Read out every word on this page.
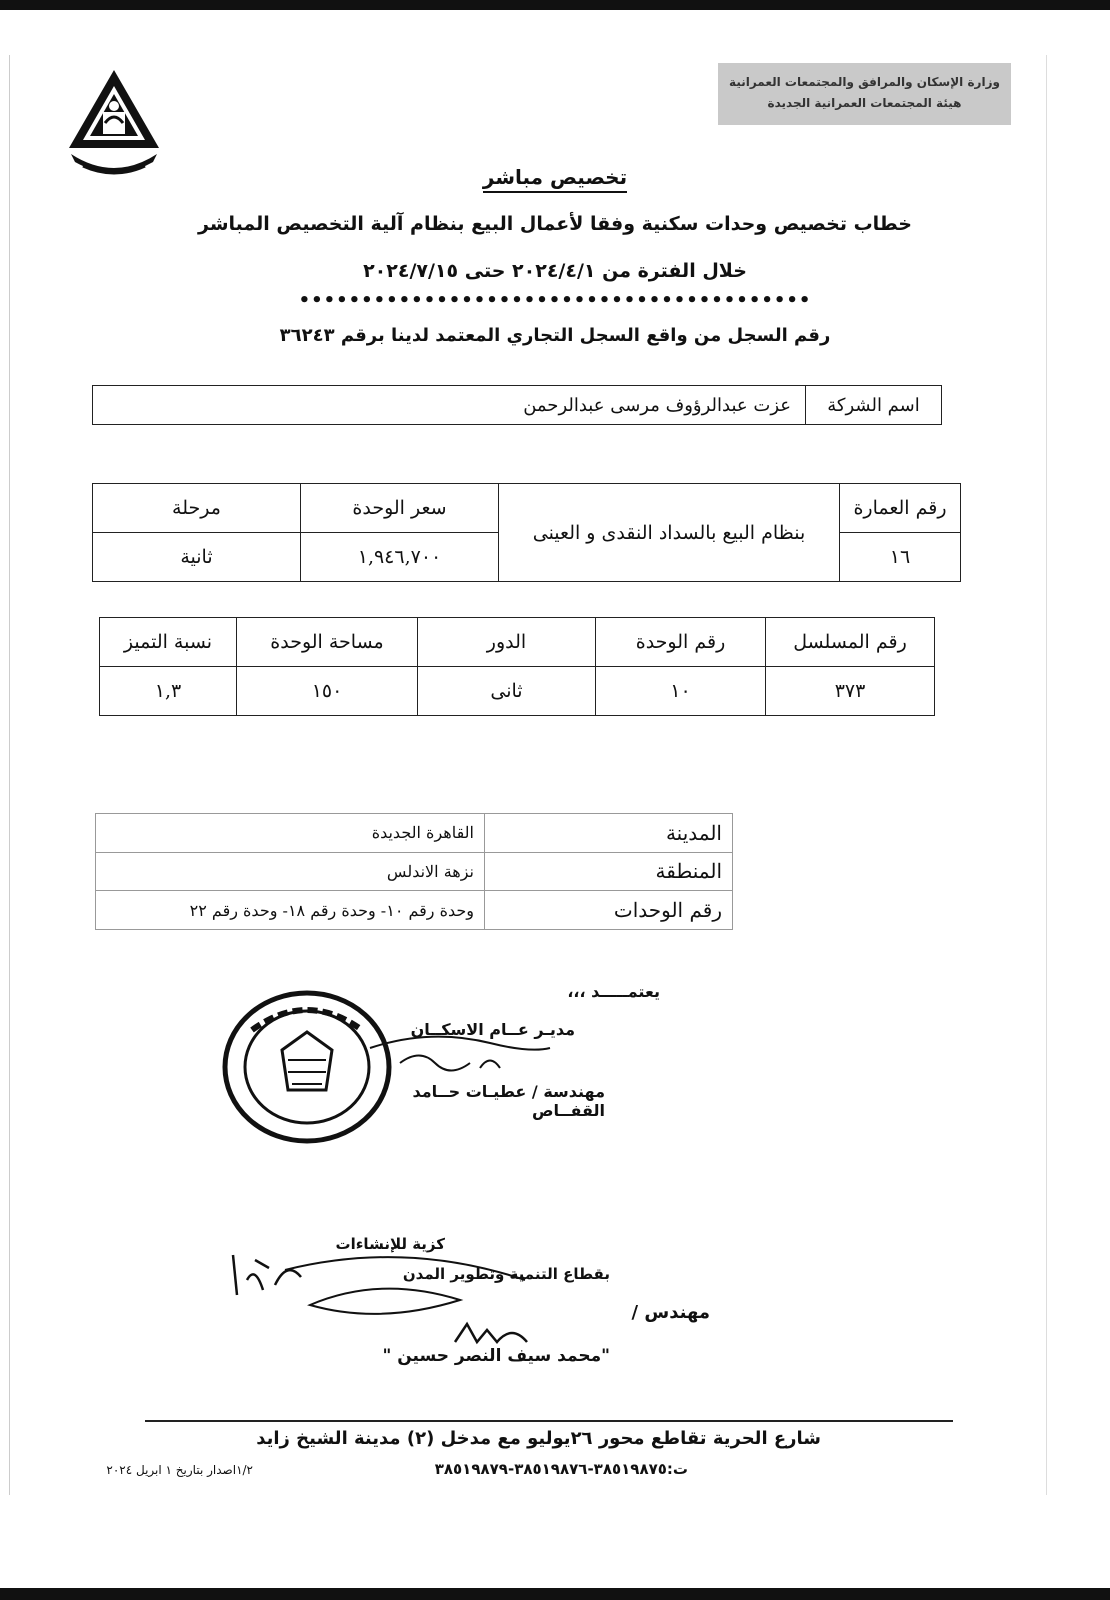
وزارة الإسكان والمرافق والمجتمعات العمرانية
هيئة المجتمعات العمرانية الجديدة
تخصيص مباشر
خطاب تخصيص وحدات سكنية وفقا لأعمال البيع بنظام آلية التخصيص المباشر
خلال الفترة من ٢٠٢٤/٤/١ حتى ٢٠٢٤/٧/١٥
•••••••••••••••••••••••••••••••••••••••••
رقم السجل من واقع السجل التجاري المعتمد لدينا برقم ٣٦٢٤٣
اسم الشركة	عزت عبدالرؤوف مرسى عبدالرحمن
رقم العمارة	بنظام البيع بالسداد النقدى و العينى	سعر الوحدة	مرحلة
١٦		١,٩٤٦,٧٠٠	ثانية
رقم المسلسل	رقم الوحدة	الدور	مساحة الوحدة	نسبة التميز
٣٧٣	١٠	ثانى	١٥٠	١,٣
المدينة	القاهرة الجديدة
المنطقة	نزهة الاندلس
رقم الوحدات	وحدة رقم ١٠- وحدة رقم ١٨- وحدة رقم ٢٢
يعتمـــــد ،،،
مديـر عــام الاسكــان
مهندسة / عطيـات حــامد القفــاص
كزية للإنشاءات
بقطاع التنمية وتطوير المدن
مهندس /
"محمد سيف النصر حسين "
شارع الحرية تقاطع محور ٢٦يوليو مع مدخل (٢) مدينة الشيخ زايد
ت:٣٨٥١٩٨٧٥-٣٨٥١٩٨٧٦-٣٨٥١٩٨٧٩
١/٢اصدار بتاريخ ١ ابريل ٢٠٢٤
